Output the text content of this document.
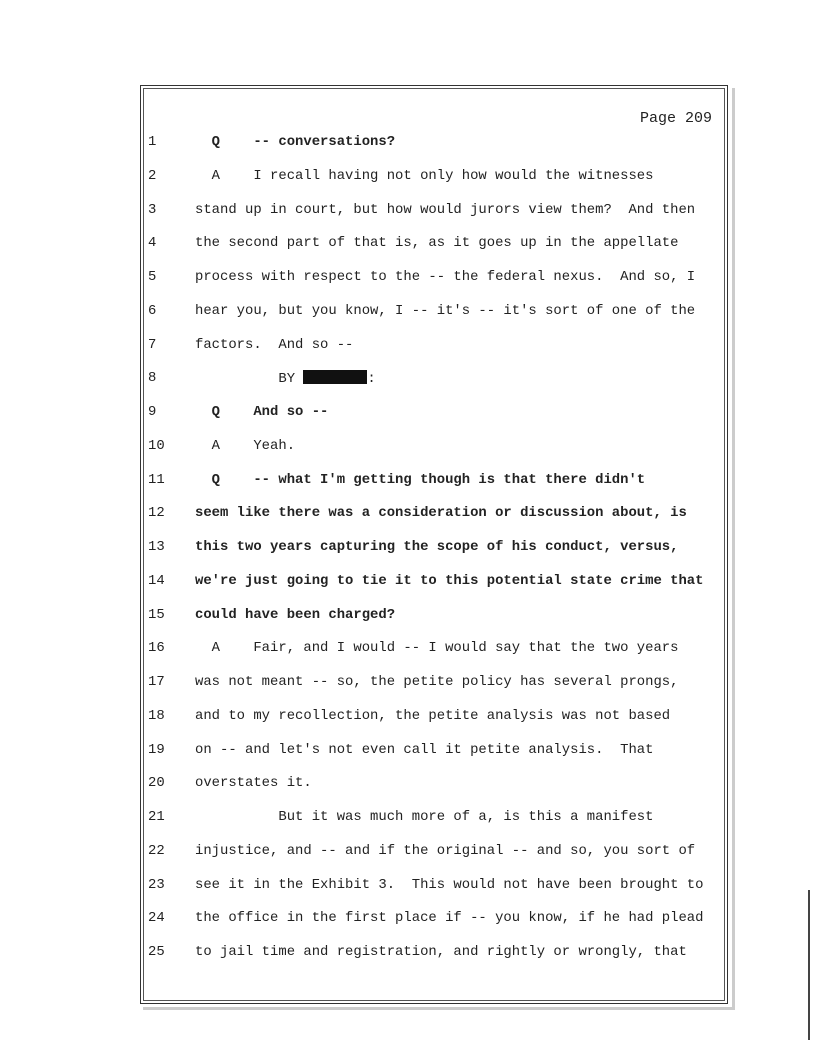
Page 209
1	Q    -- conversations?
2	A    I recall having not only how would the witnesses
3	stand up in court, but how would jurors view them?  And then
4	the second part of that is, as it goes up in the appellate
5	process with respect to the -- the federal nexus.  And so, I
6	hear you, but you know, I -- it's -- it's sort of one of the
7	factors.  And so --
8	BY	:
9	Q    And so --
10	A    Yeah.
11	Q    -- what I'm getting though is that there didn't
12	seem like there was a consideration or discussion about, is
13	this two years capturing the scope of his conduct, versus,
14	we're just going to tie it to this potential state crime that
15	could have been charged?
16	A    Fair, and I would -- I would say that the two years
17	was not meant -- so, the petite policy has several prongs,
18	and to my recollection, the petite analysis was not based
19	on -- and let's not even call it petite analysis.  That
20	overstates it.
21	But it was much more of a, is this a manifest
22	injustice, and -- and if the original -- and so, you sort of
23	see it in the Exhibit 3.  This would not have been brought to
24	the office in the first place if -- you know, if he had plead
25	to jail time and registration, and rightly or wrongly, that
